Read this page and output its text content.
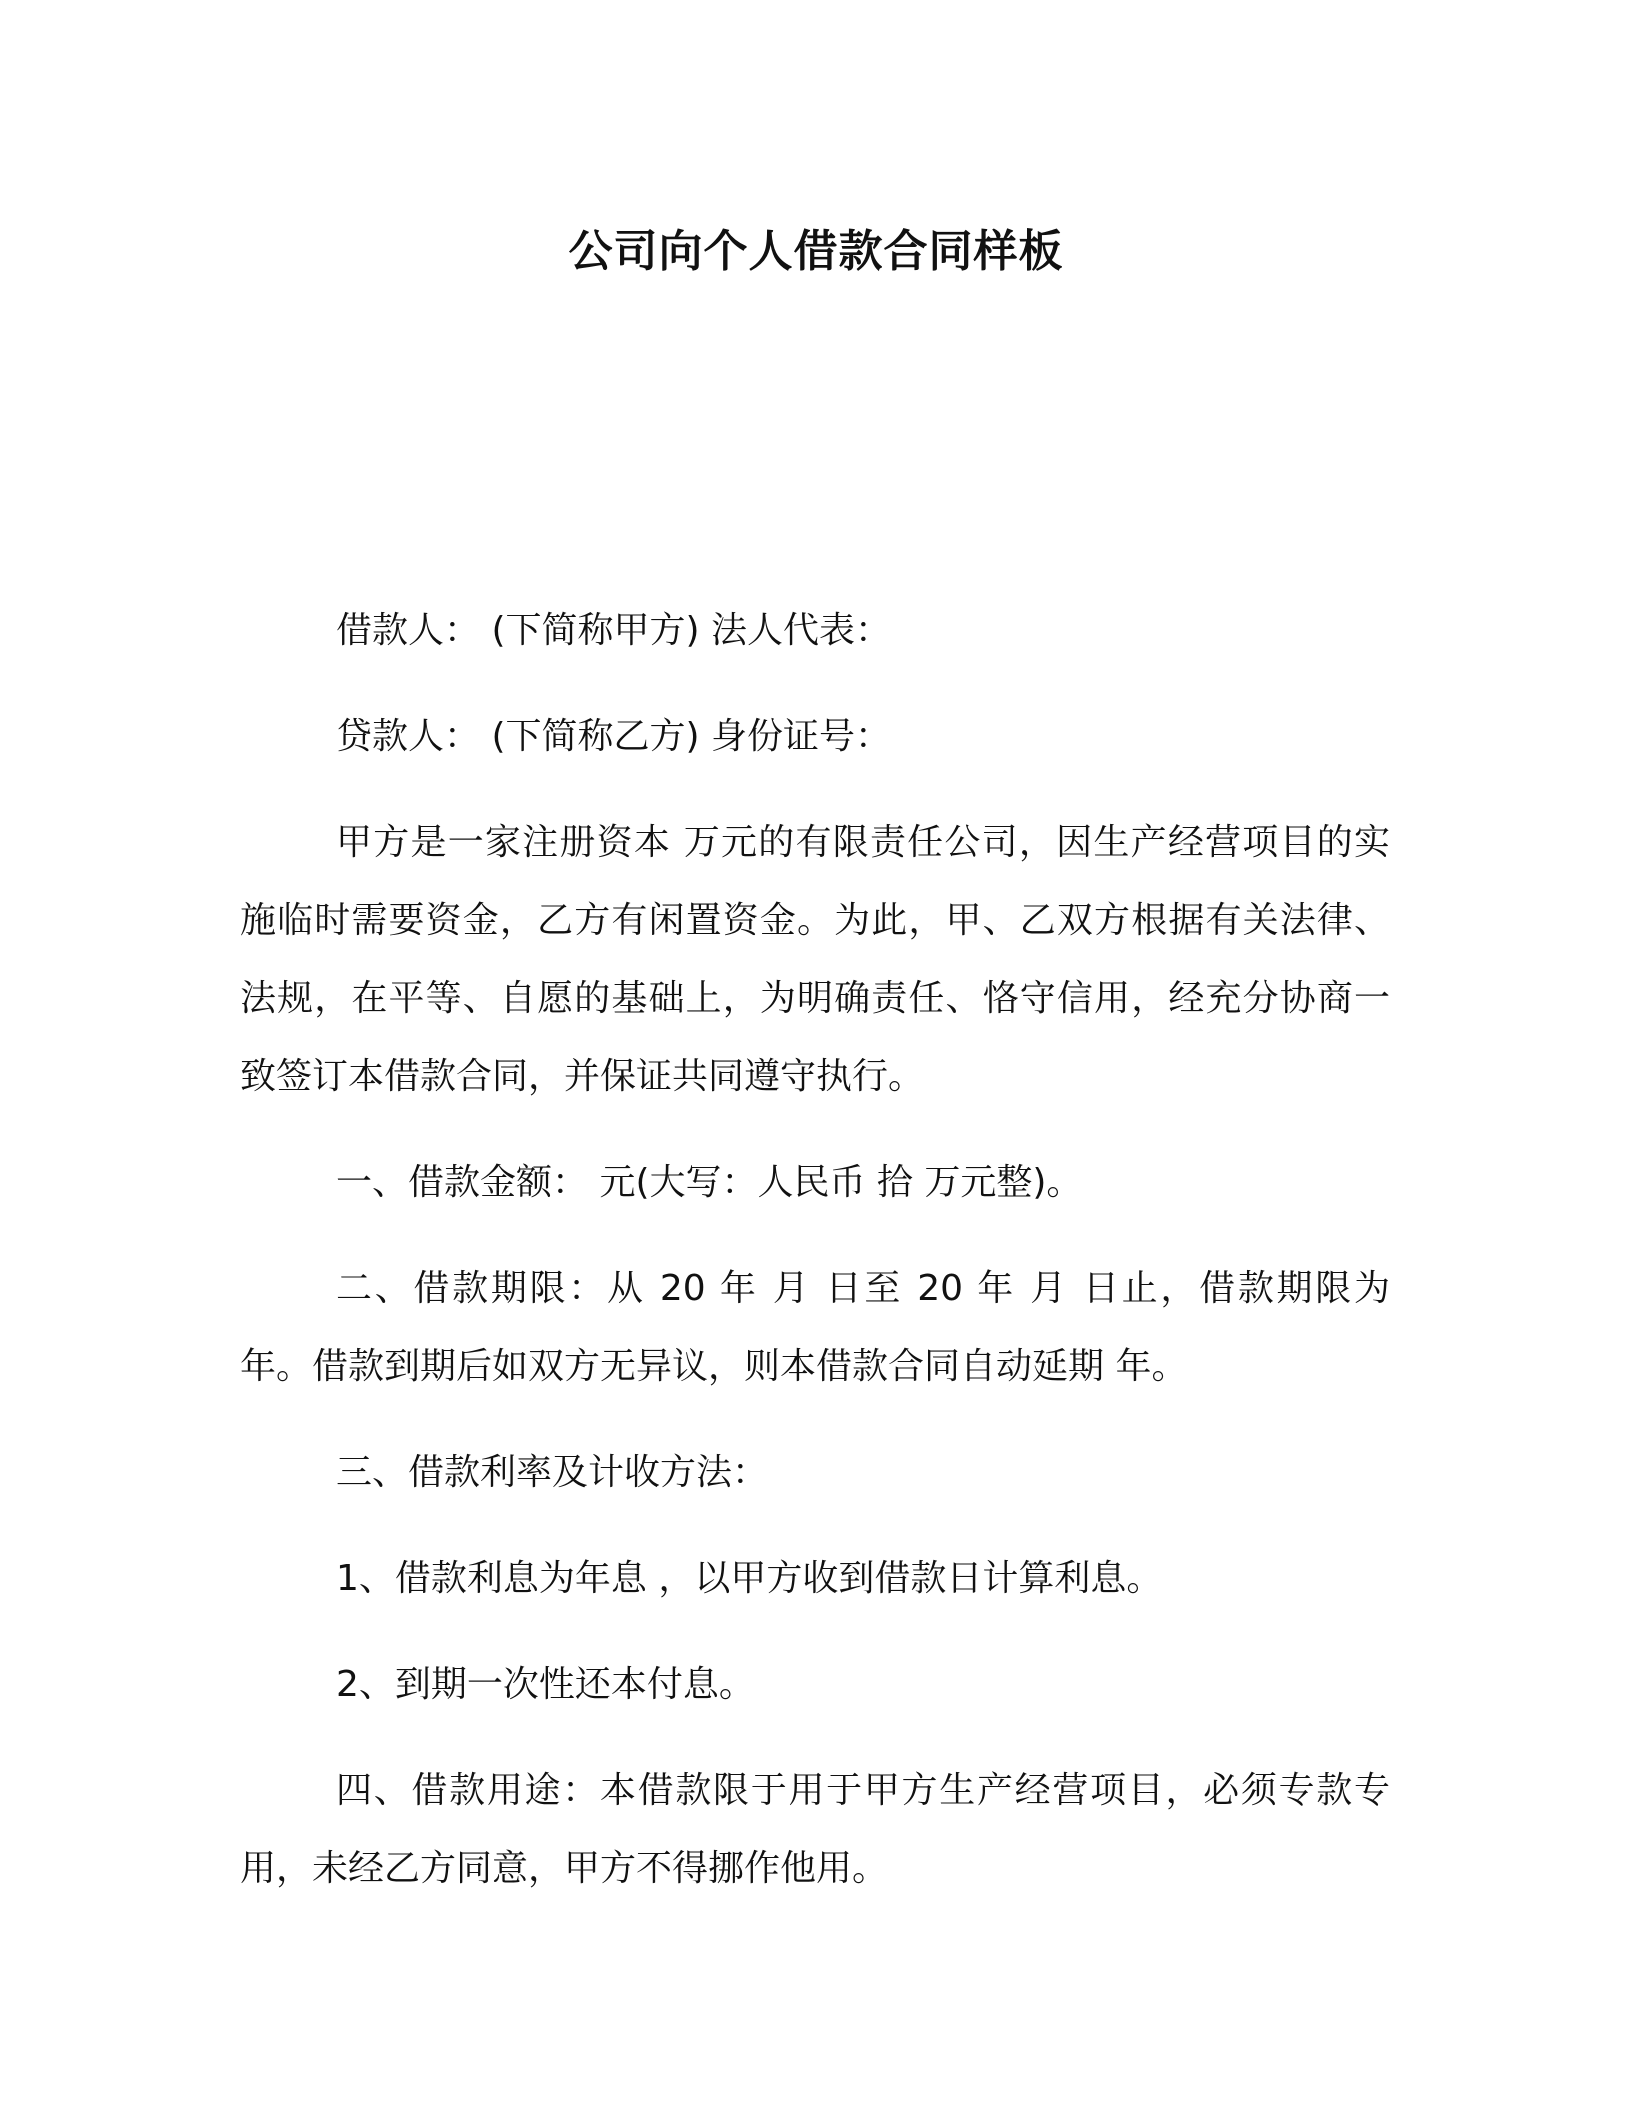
公司向个人借款合同样板

借款人： (下简称甲方) 法人代表：

贷款人： (下简称乙方) 身份证号：

甲方是一家注册资本 万元的有限责任公司，因生产经营项目的实施临时需要资金，乙方有闲置资金。为此，甲、乙双方根据有关法律、法规，在平等、自愿的基础上，为明确责任、恪守信用，经充分协商一致签订本借款合同，并保证共同遵守执行。

一、借款金额： 元(大写：人民币 拾 万元整)。

二、借款期限：从 20 年 月 日至 20 年 月 日止，借款期限为 年。借款到期后如双方无异议，则本借款合同自动延期 年。

三、借款利率及计收方法：

1、借款利息为年息 ，以甲方收到借款日计算利息。

2、到期一次性还本付息。

四、借款用途：本借款限于用于甲方生产经营项目，必须专款专用，未经乙方同意，甲方不得挪作他用。
